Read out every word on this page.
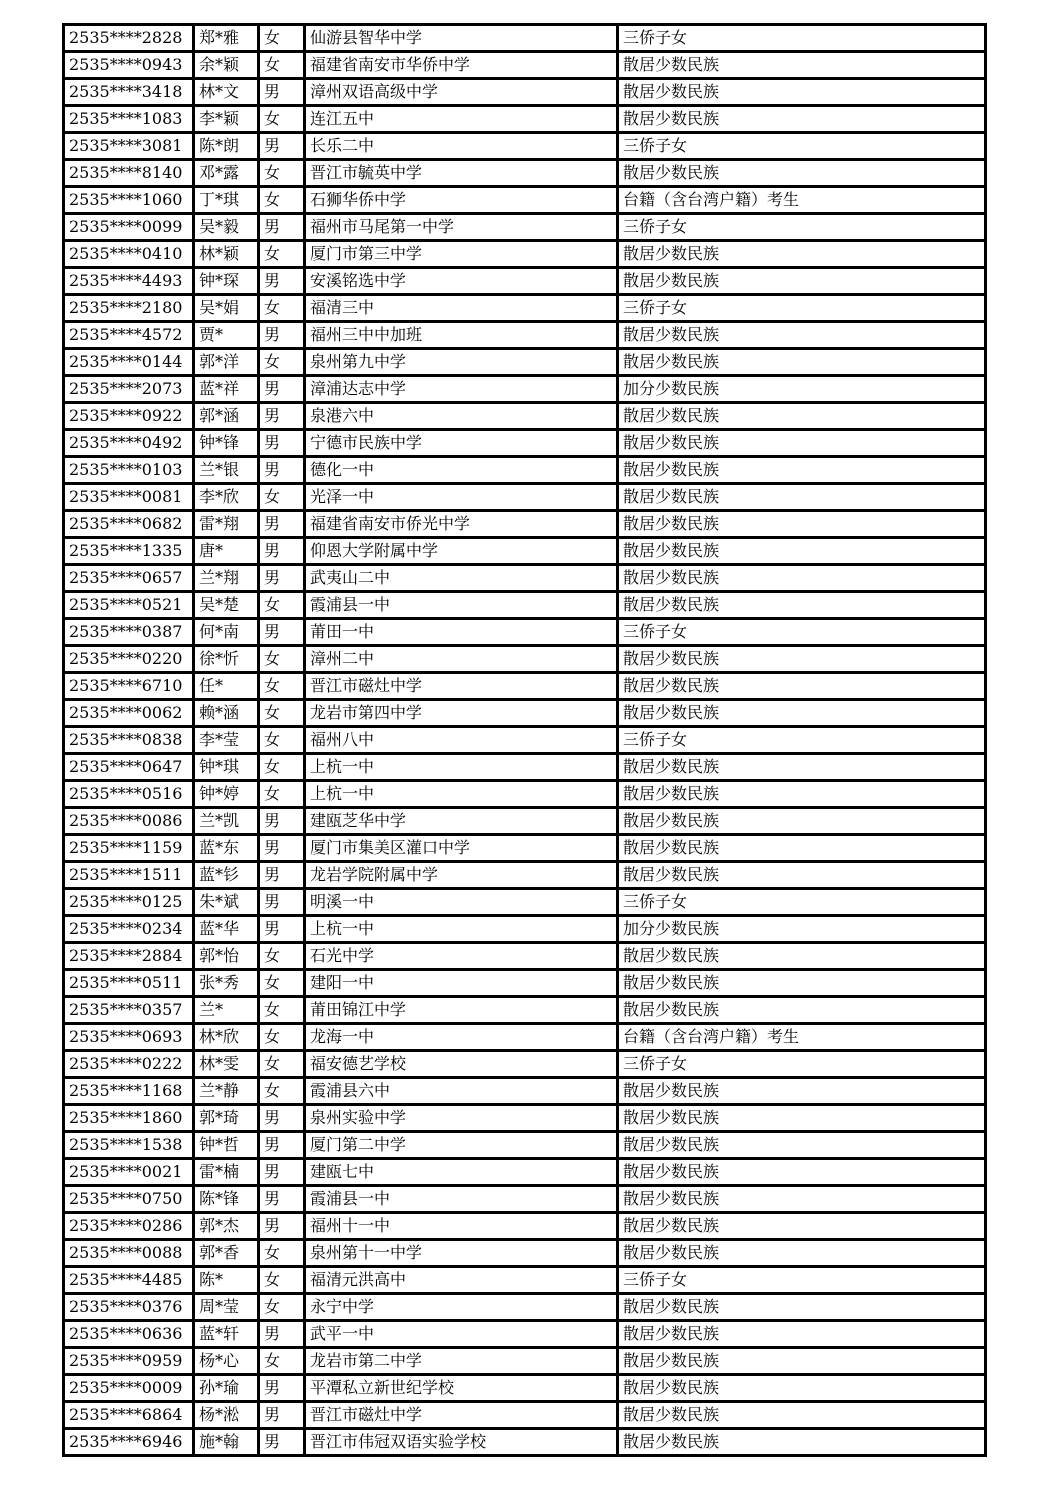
2535****2828	郑*雅	女	仙游县智华中学	三侨子女
2535****0943	余*颖	女	福建省南安市华侨中学	散居少数民族
2535****3418	林*文	男	漳州双语高级中学	散居少数民族
2535****1083	李*颖	女	连江五中	散居少数民族
2535****3081	陈*朗	男	长乐二中	三侨子女
2535****8140	邓*露	女	晋江市毓英中学	散居少数民族
2535****1060	丁*琪	女	石狮华侨中学	台籍（含台湾户籍）考生
2535****0099	吴*毅	男	福州市马尾第一中学	三侨子女
2535****0410	林*颖	女	厦门市第三中学	散居少数民族
2535****4493	钟*琛	男	安溪铭选中学	散居少数民族
2535****2180	吴*娟	女	福清三中	三侨子女
2535****4572	贾*	男	福州三中中加班	散居少数民族
2535****0144	郭*洋	女	泉州第九中学	散居少数民族
2535****2073	蓝*祥	男	漳浦达志中学	加分少数民族
2535****0922	郭*涵	男	泉港六中	散居少数民族
2535****0492	钟*锋	男	宁德市民族中学	散居少数民族
2535****0103	兰*银	男	德化一中	散居少数民族
2535****0081	李*欣	女	光泽一中	散居少数民族
2535****0682	雷*翔	男	福建省南安市侨光中学	散居少数民族
2535****1335	唐*	男	仰恩大学附属中学	散居少数民族
2535****0657	兰*翔	男	武夷山二中	散居少数民族
2535****0521	吴*楚	女	霞浦县一中	散居少数民族
2535****0387	何*南	男	莆田一中	三侨子女
2535****0220	徐*忻	女	漳州二中	散居少数民族
2535****6710	任*	女	晋江市磁灶中学	散居少数民族
2535****0062	赖*涵	女	龙岩市第四中学	散居少数民族
2535****0838	李*莹	女	福州八中	三侨子女
2535****0647	钟*琪	女	上杭一中	散居少数民族
2535****0516	钟*婷	女	上杭一中	散居少数民族
2535****0086	兰*凯	男	建瓯芝华中学	散居少数民族
2535****1159	蓝*东	男	厦门市集美区灌口中学	散居少数民族
2535****1511	蓝*钐	男	龙岩学院附属中学	散居少数民族
2535****0125	朱*斌	男	明溪一中	三侨子女
2535****0234	蓝*华	男	上杭一中	加分少数民族
2535****2884	郭*怡	女	石光中学	散居少数民族
2535****0511	张*秀	女	建阳一中	散居少数民族
2535****0357	兰*	女	莆田锦江中学	散居少数民族
2535****0693	林*欣	女	龙海一中	台籍（含台湾户籍）考生
2535****0222	林*雯	女	福安德艺学校	三侨子女
2535****1168	兰*静	女	霞浦县六中	散居少数民族
2535****1860	郭*琦	男	泉州实验中学	散居少数民族
2535****1538	钟*哲	男	厦门第二中学	散居少数民族
2535****0021	雷*楠	男	建瓯七中	散居少数民族
2535****0750	陈*锋	男	霞浦县一中	散居少数民族
2535****0286	郭*杰	男	福州十一中	散居少数民族
2535****0088	郭*香	女	泉州第十一中学	散居少数民族
2535****4485	陈*	女	福清元洪高中	三侨子女
2535****0376	周*莹	女	永宁中学	散居少数民族
2535****0636	蓝*轩	男	武平一中	散居少数民族
2535****0959	杨*心	女	龙岩市第二中学	散居少数民族
2535****0009	孙*瑜	男	平潭私立新世纪学校	散居少数民族
2535****6864	杨*淞	男	晋江市磁灶中学	散居少数民族
2535****6946	施*翰	男	晋江市伟冠双语实验学校	散居少数民族
